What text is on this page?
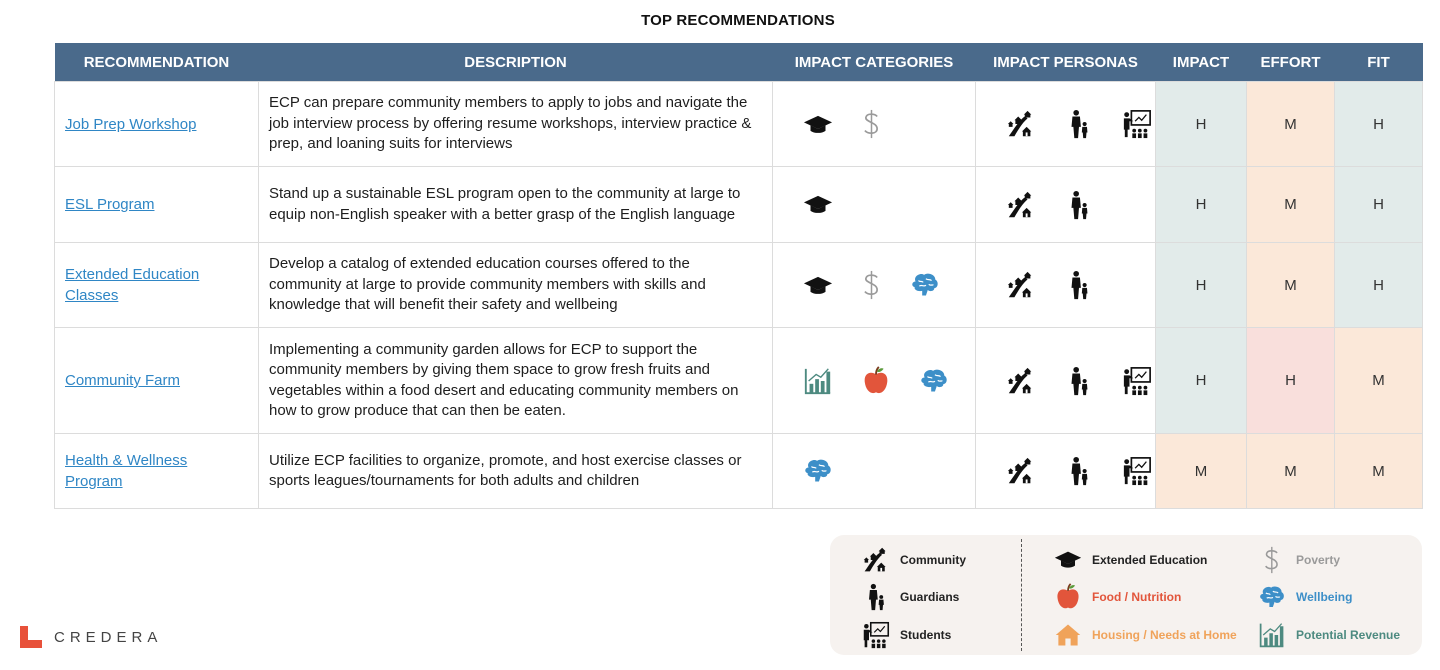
TOP RECOMMENDATIONS
RECOMMENDATION	DESCRIPTION	IMPACT CATEGORIES	IMPACT PERSONAS	IMPACT	EFFORT	FIT
Job Prep Workshop	ECP can prepare community members to apply to jobs and navigate the job interview process by offering resume workshops, interview practice & prep, and loaning suits for interviews			H	M	H
ESL Program	Stand up a sustainable ESL program open to the community at large to equip non-English speaker with a better grasp of the English language			H	M	H
Extended Education Classes	Develop a catalog of extended education courses offered to the community at large to provide community members with skills and knowledge that will benefit their safety and wellbeing			H	M	H
Community Farm	Implementing a community garden allows for ECP to support the community members by giving them space to grow fresh fruits and vegetables within a food desert and educating community members on how to grow produce that can then be eaten.			H	H	M
Health & Wellness Program	Utilize ECP facilities to organize, promote, and host exercise classes or sports leagues/tournaments for both adults and children			M	M	M
Community
Guardians
Students
Extended Education
Food / Nutrition
Housing / Needs at Home
Poverty
Wellbeing
Potential Revenue
CREDERA
